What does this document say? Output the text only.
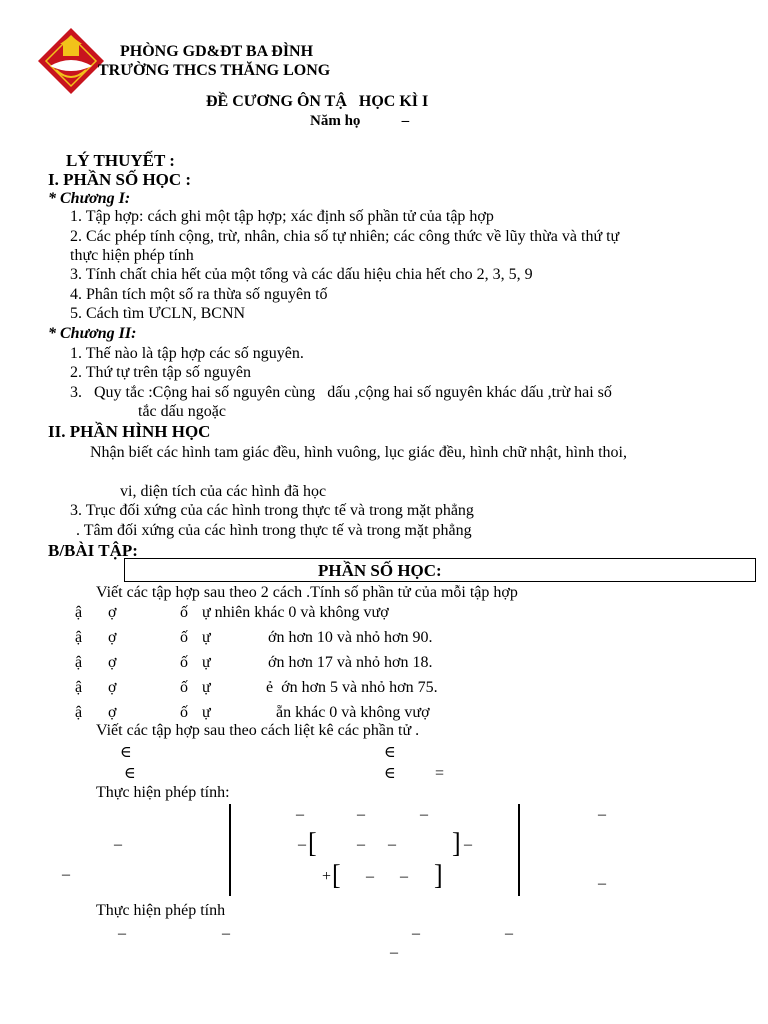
PHÒNG GD&ĐT BA ĐÌNH
TRƯỜNG THCS THĂNG LONG
ĐỀ CƯƠNG ÔN TẬ   HỌC KÌ I
Năm họ           –
LÝ THUYẾT :
I. PHẦN SỐ HỌC :
* Chương I:
1. Tập hợp: cách ghi một tập hợp; xác định số phần tử của tập hợp
2. Các phép tính cộng, trừ, nhân, chia số tự nhiên; các công thức về lũy thừa và thứ tự
thực hiện phép tính
3. Tính chất chia hết của một tổng và các dấu hiệu chia hết cho 2, 3, 5, 9
4. Phân tích một số ra thừa số nguyên tố
5. Cách tìm ƯCLN, BCNN
* Chương II:
1. Thế nào là tập hợp các số nguyên.
2. Thứ tự trên tập số nguyên
3.   Quy tắc :Cộng hai số nguyên cùng   dấu ,cộng hai số nguyên khác dấu ,trừ hai số
tắc dấu ngoặc
II. PHẦN HÌNH HỌC
Nhận biết các hình tam giác đều, hình vuông, lục giác đều, hình chữ nhật, hình thoi,
vi, diện tích của các hình đã học
3. Trục đối xứng của các hình trong thực tế và trong mặt phẳng
. Tâm đối xứng của các hình trong thực tế và trong mặt phẳng
B/BÀI TẬP:
PHẦN SỐ HỌC:
Viết các tập hợp sau theo 2 cách .Tính số phần tử của mỗi tập hợp
ậ ợ	ố ự nhiên khác 0 và không vượ
ậ ợ	ố ự	ớn hơn 10 và nhỏ hơn 90.
ậ ợ	ố ự	ớn hơn 17 và nhỏ hơn 18.
ậ ợ	ố ự	ẻ  ớn hơn 5 và nhỏ hơn 75.
ậ ợ	ố ự	ẵn khác 0 và không vượ
Viết các tập hợp sau theo cách liệt kê các phần tử .
∈	∈
∈	∈ =
Thực hiện phép tính:
–	–	–	–
–	– [	– – ] –
–	+ [ – – ]	–
Thực hiện phép tính
–	–	–	–
–
